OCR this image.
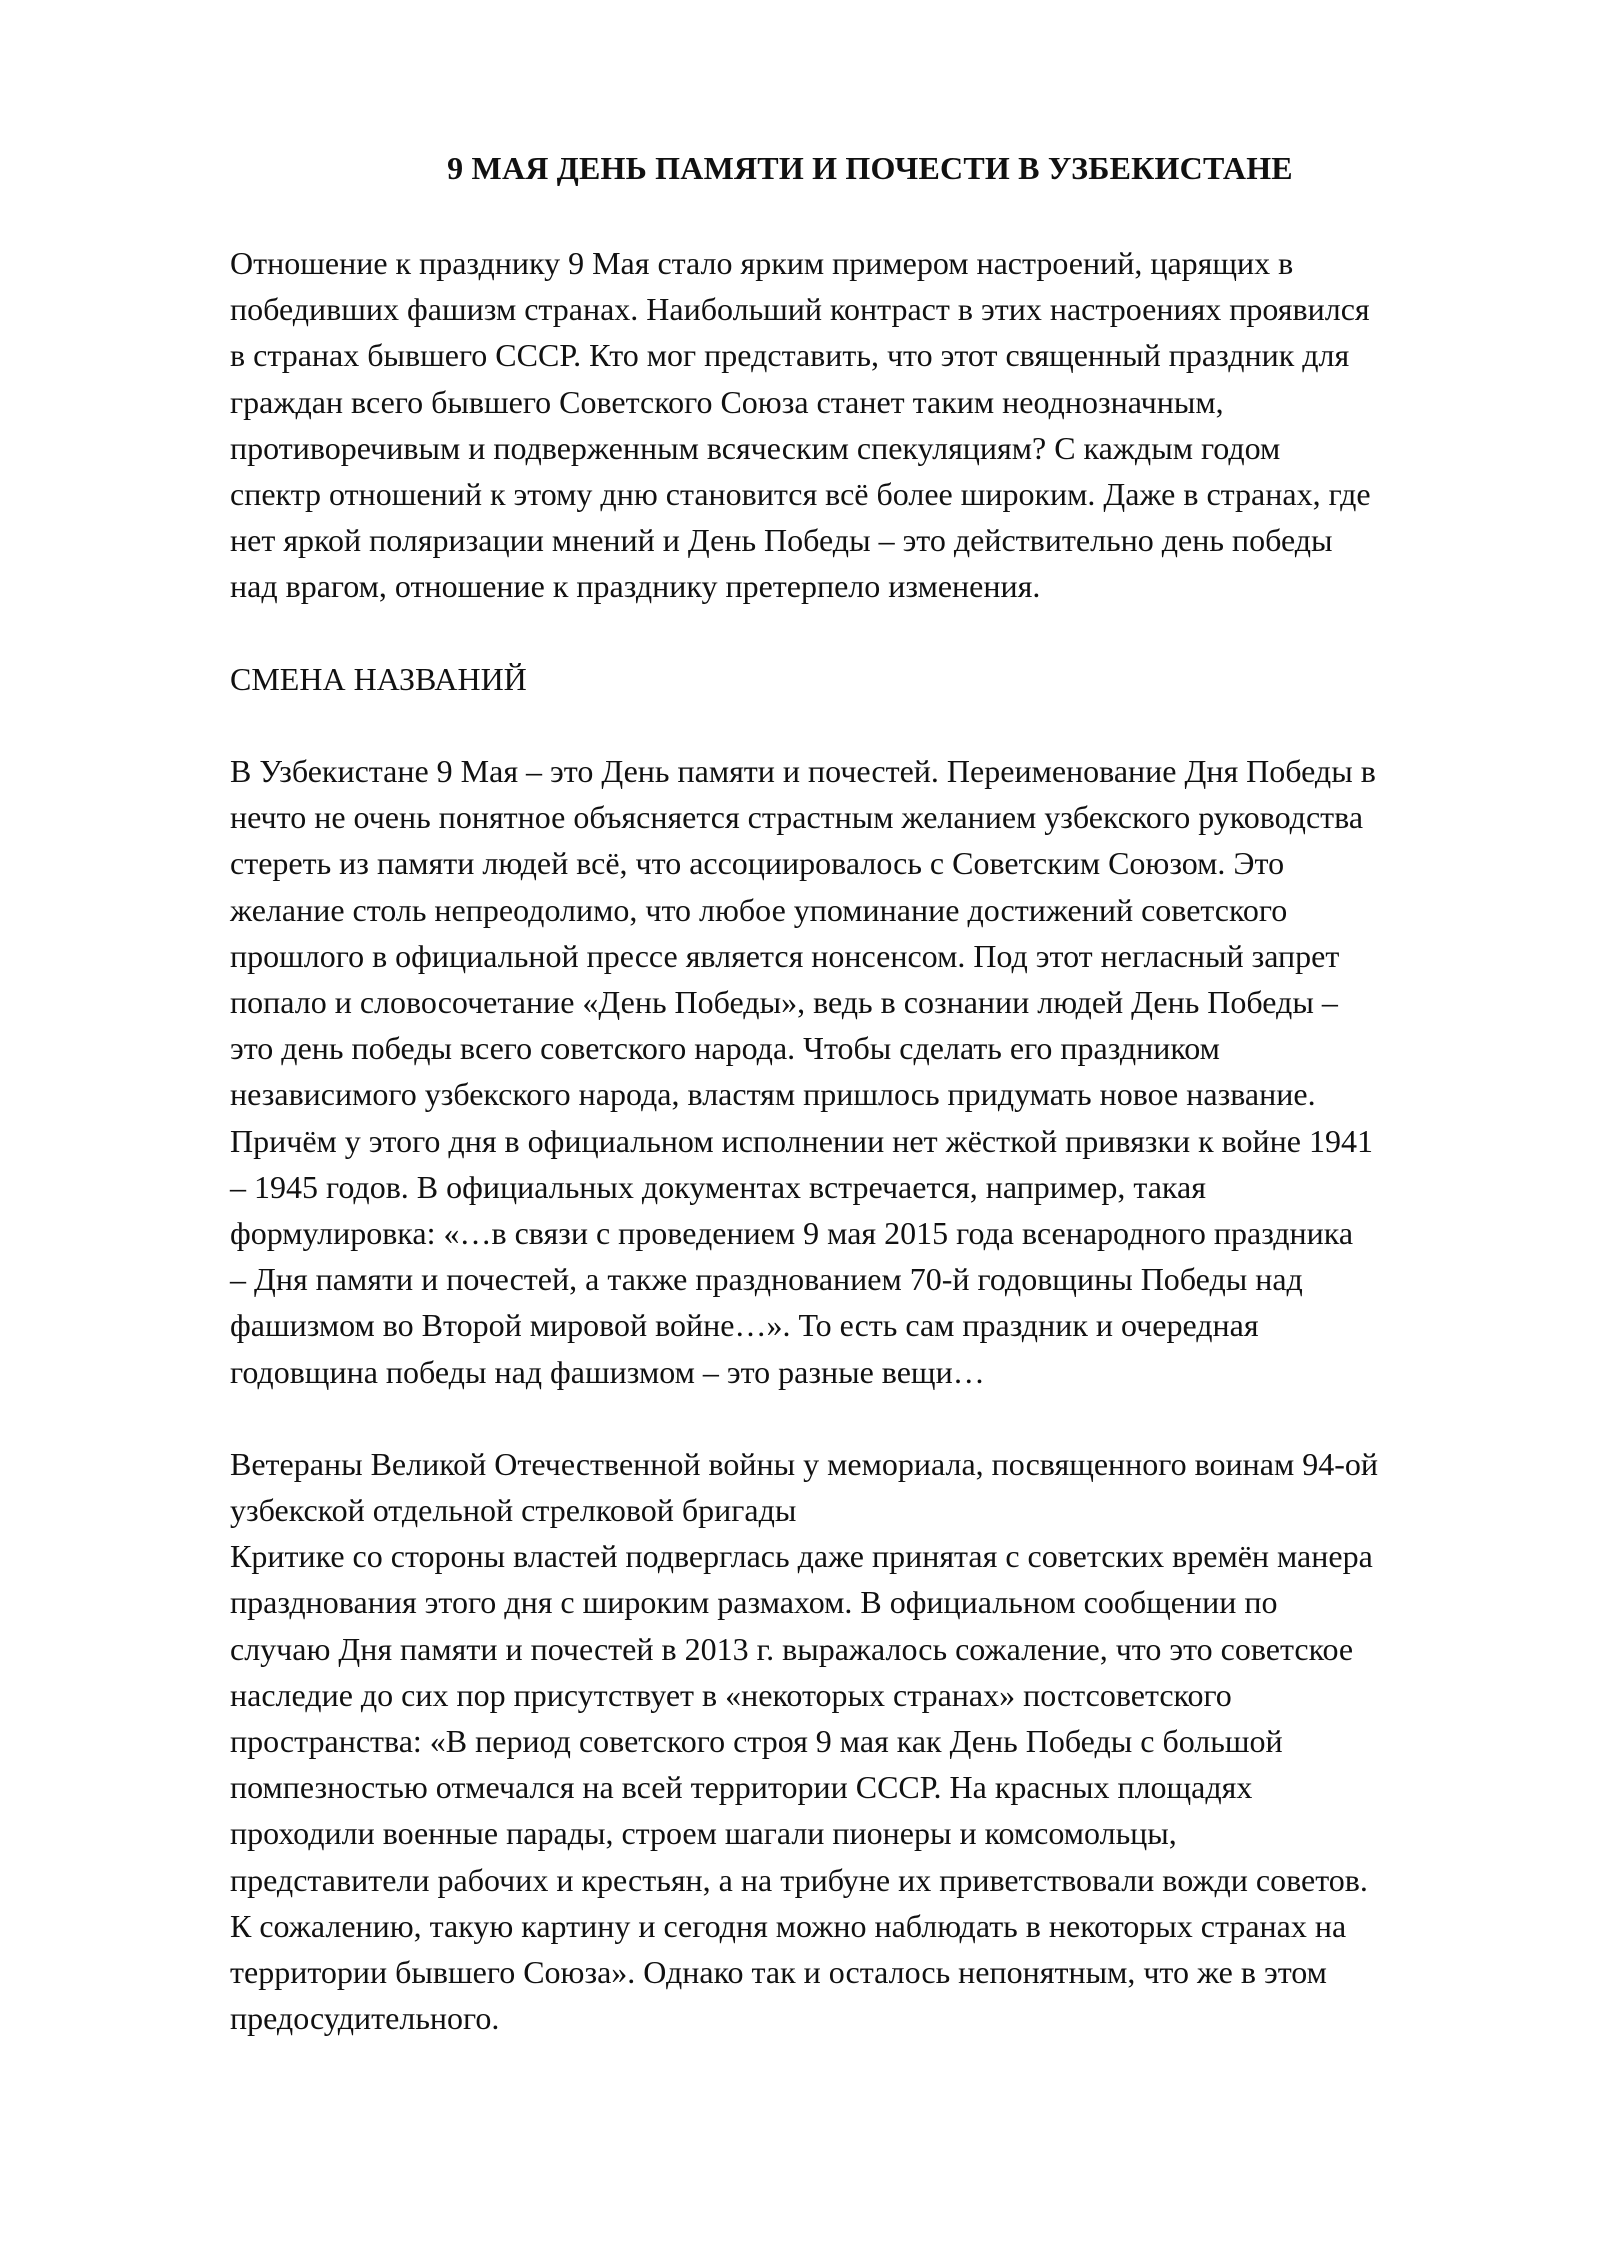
9 МАЯ ДЕНЬ ПАМЯТИ И ПОЧЕСТИ В УЗБЕКИСТАНЕ
Отношение к празднику 9 Мая стало ярким примером настроений, царящих в
победивших фашизм странах. Наибольший контраст в этих настроениях проявился
в странах бывшего СССР. Кто мог представить, что этот священный праздник для
граждан всего бывшего Советского Союза станет таким неоднозначным,
противоречивым и подверженным всяческим спекуляциям? С каждым годом
спектр отношений к этому дню становится всё более широким. Даже в странах, где
нет яркой поляризации мнений и День Победы – это действительно день победы
над врагом, отношение к празднику претерпело изменения.
СМЕНА НАЗВАНИЙ
В Узбекистане 9 Мая – это День памяти и почестей. Переименование Дня Победы в
нечто не очень понятное объясняется страстным желанием узбекского руководства
стереть из памяти людей всё, что ассоциировалось с Советским Союзом. Это
желание столь непреодолимо, что любое упоминание достижений советского
прошлого в официальной прессе является нонсенсом. Под этот негласный запрет
попало и словосочетание «День Победы», ведь в сознании людей День Победы –
это день победы всего советского народа. Чтобы сделать его праздником
независимого узбекского народа, властям пришлось придумать новое название.
Причём у этого дня в официальном исполнении нет жёсткой привязки к войне 1941
– 1945 годов. В официальных документах встречается, например, такая
формулировка: «…в связи с проведением 9 мая 2015 года всенародного праздника
– Дня памяти и почестей, а также празднованием 70-й годовщины Победы над
фашизмом во Второй мировой войне…». То есть сам праздник и очередная
годовщина победы над фашизмом – это разные вещи…
Ветераны Великой Отечественной войны у мемориала, посвященного воинам 94-ой
узбекской отдельной стрелковой бригады
Критике со стороны властей подверглась даже принятая с советских времён манера
празднования этого дня с широким размахом. В официальном сообщении по
случаю Дня памяти и почестей в 2013 г. выражалось сожаление, что это советское
наследие до сих пор присутствует в «некоторых странах» постсоветского
пространства: «В период советского строя 9 мая как День Победы с большой
помпезностью отмечался на всей территории СССР. На красных площадях
проходили военные парады, строем шагали пионеры и комсомольцы,
представители рабочих и крестьян, а на трибуне их приветствовали вожди советов.
К сожалению, такую картину и сегодня можно наблюдать в некоторых странах на
территории бывшего Союза». Однако так и осталось непонятным, что же в этом
предосудительного.
